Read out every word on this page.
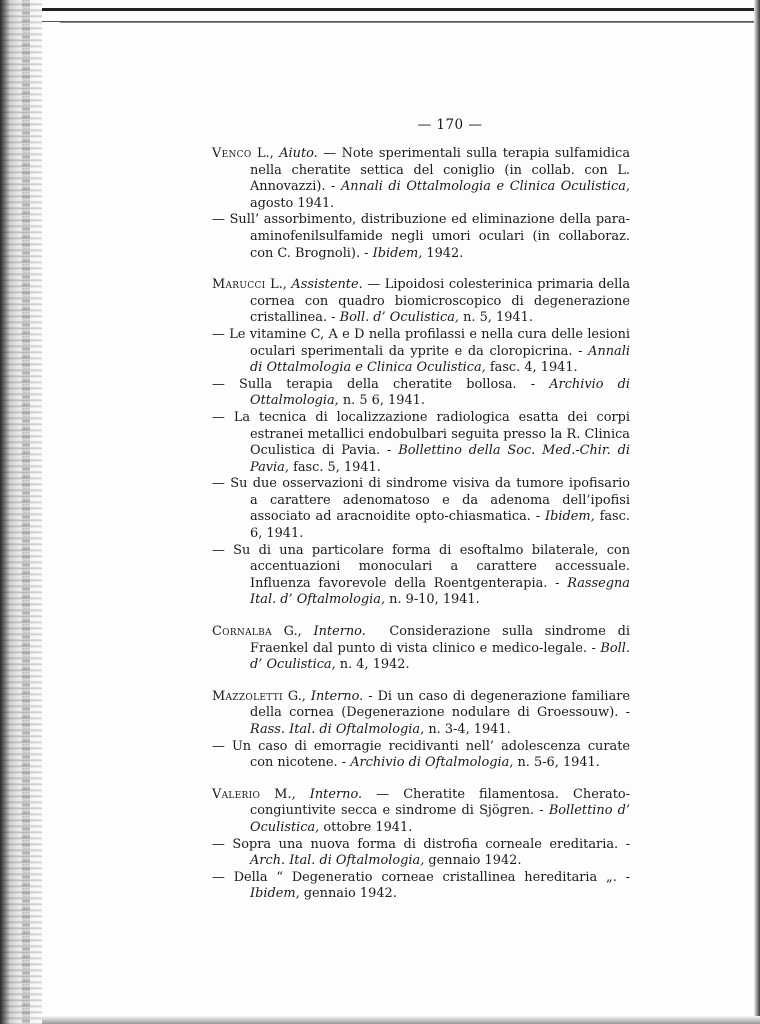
— 170 —

Venco L., Aiuto. — Note sperimentali sulla terapia sulfamidica nella cheratite settica del coniglio (in collab. con L. Annovazzi). - Annali di Ottalmologia e Clinica Oculistica, agosto 1941.

— Sull’ assorbimento, distribuzione ed eliminazione della para-aminofenilsulfamide negli umori oculari (in collaboraz. con C. Brognoli). - Ibidem, 1942.

Marucci L., Assistente. — Lipoidosi colesterinica primaria della cornea con quadro biomicroscopico di degenerazione cristallinea. - Boll. d’ Oculistica, n. 5, 1941.

— Le vitamine C, A e D nella profilassi e nella cura delle lesioni oculari sperimentali da yprite e da cloropicrina. - Annali di Ottalmologia e Clinica Oculistica, fasc. 4, 1941.

— Sulla terapia della cheratite bollosa. - Archivio di Ottalmologia, n. 5 6, 1941.

— La tecnica di localizzazione radiologica esatta dei corpi estranei metallici endobulbari seguita presso la R. Clinica Oculistica di Pavia. - Bollettino della Soc. Med.-Chir. di Pavia, fasc. 5, 1941.

— Su due osservazioni di sindrome visiva da tumore ipofisario a carattere adenomatoso e da adenoma dell’ipofisi associato ad aracnoidite opto-chiasmatica. - Ibidem, fasc. 6, 1941.

— Su di una particolare forma di esoftalmo bilaterale, con accentuazioni monoculari a carattere accessuale. Influenza favorevole della Roentgenterapia. - Rassegna Ital. d’ Oftalmologia, n. 9-10, 1941.

Cornalba G., Interno.  Considerazione sulla sindrome di Fraenkel dal punto di vista clinico e medico-legale. - Boll. d’ Oculistica, n. 4, 1942.

Mazzoletti G., Interno. - Di un caso di degenerazione familiare della cornea (Degenerazione nodulare di Groessouw). - Rass. Ital. di Oftalmologia, n. 3-4, 1941.

— Un caso di emorragie recidivanti nell’ adolescenza curate con nicotene. - Archivio di Oftalmologia, n. 5-6, 1941.

Valerio M., Interno. — Cheratite filamentosa. Cherato-congiuntivite secca e sindrome di Sjögren. - Bollettino d’ Oculistica, ottobre 1941.

— Sopra una nuova forma di distrofia corneale ereditaria. - Arch. Ital. di Oftalmologia, gennaio 1942.

— Della “ Degeneratio corneae cristallinea hereditaria „. - Ibidem, gennaio 1942.
